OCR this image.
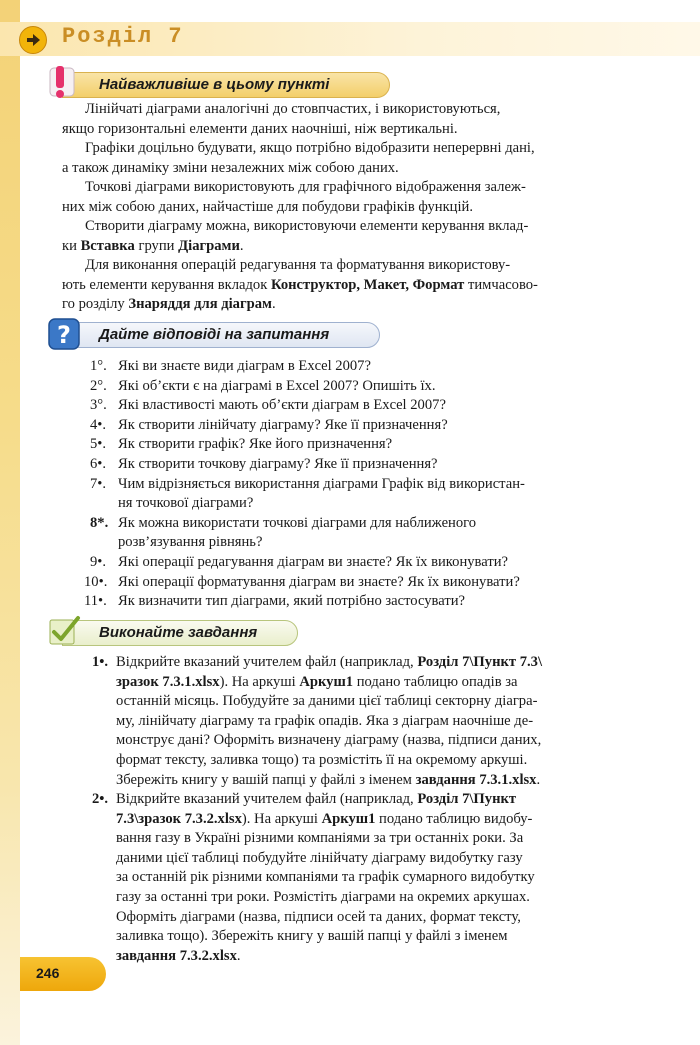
Розділ 7
Найважливіше в цьому пункті
Лінійчаті діаграми аналогічні до стовпчастих, і використовуються,
якщо горизонтальні елементи даних наочніші, ніж вертикальні.
Графіки доцільно будувати, якщо потрібно відобразити неперервні дані,
а також динаміку зміни незалежних між собою даних.
Точкові діаграми використовують для графічного відображення залеж-
них між собою даних, найчастіше для побудови графіків функцій.
Створити діаграму можна, використовуючи елементи керування вклад-
ки Вставка групи Діаграми.
Для виконання операцій редагування та форматування використову-
ють елементи керування вкладок Конструктор, Макет, Формат тимчасово-
го розділу Знаряддя для діаграм.
Дайте відповіді на запитання
?
1°. Які ви знаєте види діаграм в Excel 2007?
2°. Які об’єкти є на діаграмі в Excel 2007? Опишіть їх.
3°. Які властивості мають об’єкти діаграм в Excel 2007?
4•. Як створити лінійчату діаграму? Яке її призначення?
5•. Як створити графік? Яке його призначення?
6•. Як створити точкову діаграму? Яке її призначення?
7•. Чим відрізняється використання діаграми Графік від використан-
ня точкової діаграми?
8*. Як можна використати точкові діаграми для наближеного
розв’язування рівнянь?
9•. Які операції редагування діаграм ви знаєте? Як їх виконувати?
10•. Які операції форматування діаграм ви знаєте? Як їх виконувати?
11•. Як визначити тип діаграми, який потрібно застосувати?
Виконайте завдання
1•. Відкрийте вказаний учителем файл (наприклад, Розділ 7\Пункт 7.3\
зразок 7.3.1.xlsx). На аркуші Аркуш1 подано таблицю опадів за
останній місяць. Побудуйте за даними цієї таблиці секторну діагра-
му, лінійчату діаграму та графік опадів. Яка з діаграм наочніше де-
монструє дані? Оформіть визначену діаграму (назва, підписи даних,
формат тексту, заливка тощо) та розмістіть її на окремому аркуші.
Збережіть книгу у вашій папці у файлі з іменем завдання 7.3.1.xlsx.
2•. Відкрийте вказаний учителем файл (наприклад, Розділ 7\Пункт
7.3\зразок 7.3.2.xlsx). На аркуші Аркуш1 подано таблицю видобу-
вання газу в Україні різними компаніями за три останніх роки. За
даними цієї таблиці побудуйте лінійчату діаграму видобутку газу
за останній рік різними компаніями та графік сумарного видобутку
газу за останні три роки. Розмістіть діаграми на окремих аркушах.
Оформіть діаграми (назва, підписи осей та даних, формат тексту,
заливка тощо). Збережіть книгу у вашій папці у файлі з іменем
завдання 7.3.2.xlsx.
246
